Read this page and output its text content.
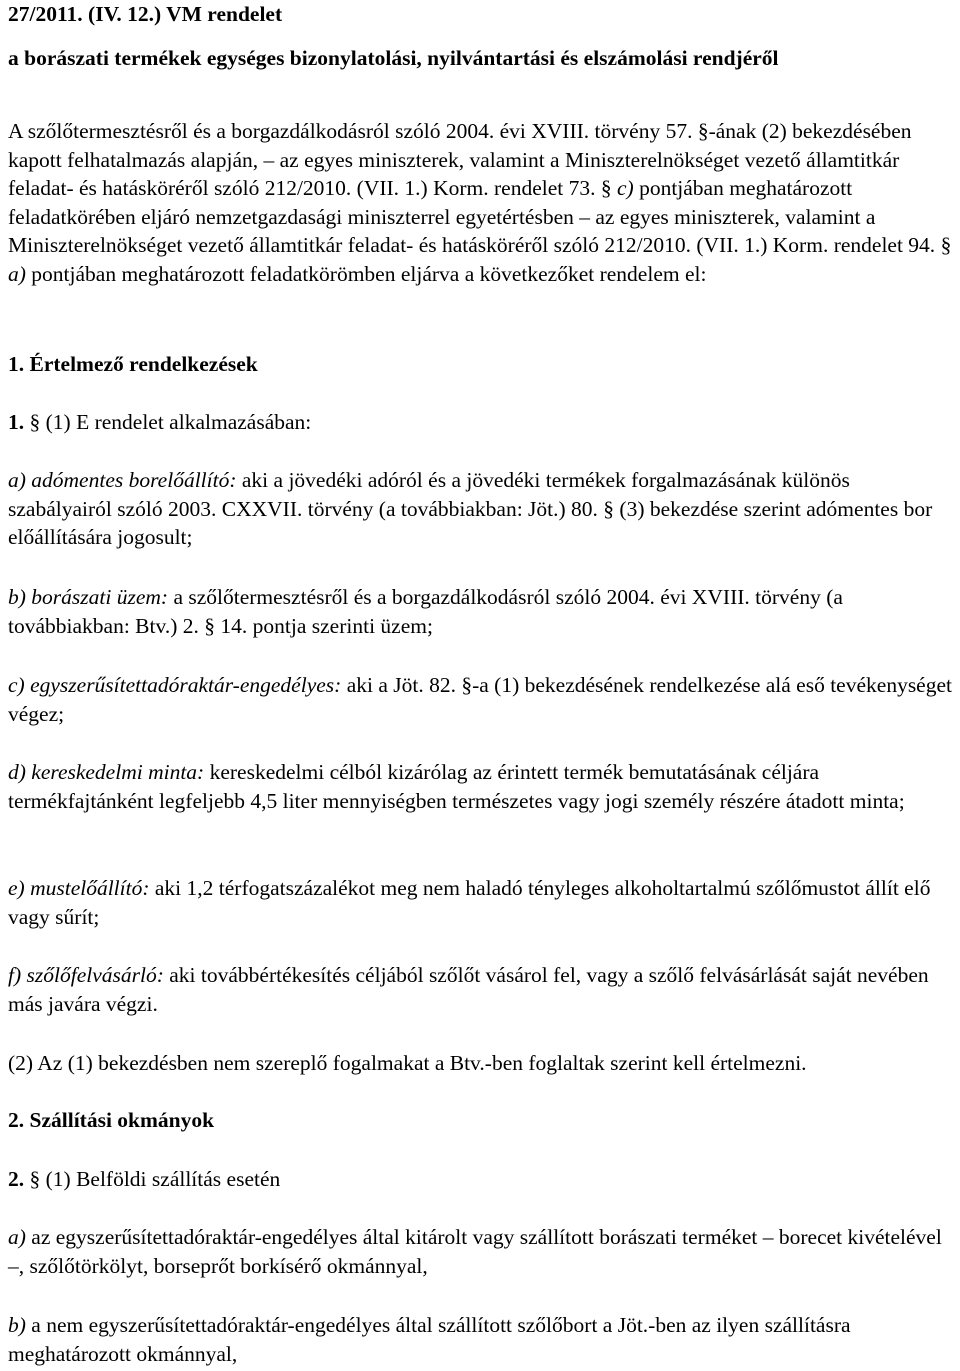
27/2011. (IV. 12.) VM rendelet

a borászati termékek egységes bizonylatolási, nyilvántartási és elszámolási rendjéről

A szőlőtermesztésről és a borgazdálkodásról szóló 2004. évi XVIII. törvény 57. §-ának (2) bekezdésében kapott felhatalmazás alapján, – az egyes miniszterek, valamint a Miniszterelnökséget vezető államtitkár feladat- és hatásköréről szóló 212/2010. (VII. 1.) Korm. rendelet 73. § c) pontjában meghatározott feladatkörében eljáró nemzetgazdasági miniszterrel egyetértésben – az egyes miniszterek, valamint a Miniszterelnökséget vezető államtitkár feladat- és hatásköréről szóló 212/2010. (VII. 1.) Korm. rendelet 94. § a) pontjában meghatározott feladatkörömben eljárva a következőket rendelem el:

1. Értelmező rendelkezések

1. § (1) E rendelet alkalmazásában:

a) adómentes borelőállító: aki a jövedéki adóról és a jövedéki termékek forgalmazásának különös szabályairól szóló 2003. CXXVII. törvény (a továbbiakban: Jöt.) 80. § (3) bekezdése szerint adómentes bor előállítására jogosult;

b) borászati üzem: a szőlőtermesztésről és a borgazdálkodásról szóló 2004. évi XVIII. törvény (a továbbiakban: Btv.) 2. § 14. pontja szerinti üzem;

c) egyszerűsítettadóraktár-engedélyes: aki a Jöt. 82. §-a (1) bekezdésének rendelkezése alá eső tevékenységet végez;

d) kereskedelmi minta: kereskedelmi célból kizárólag az érintett termék bemutatásának céljára termékfajtánként legfeljebb 4,5 liter mennyiségben természetes vagy jogi személy részére átadott minta;

e) mustelőállító: aki 1,2 térfogatszázalékot meg nem haladó tényleges alkoholtartalmú szőlőmustot állít elő vagy sűrít;

f) szőlőfelvásárló: aki továbbértékesítés céljából szőlőt vásárol fel, vagy a szőlő felvásárlását saját nevében más javára végzi.

(2) Az (1) bekezdésben nem szereplő fogalmakat a Btv.-ben foglaltak szerint kell értelmezni.

2. Szállítási okmányok

2. § (1) Belföldi szállítás esetén

a) az egyszerűsítettadóraktár-engedélyes által kitárolt vagy szállított borászati terméket – borecet kivételével –, szőlőtörkölyt, borseprőt borkísérő okmánnyal,

b) a nem egyszerűsítettadóraktár-engedélyes által szállított szőlőbort a Jöt.-ben az ilyen szállításra meghatározott okmánnyal,
